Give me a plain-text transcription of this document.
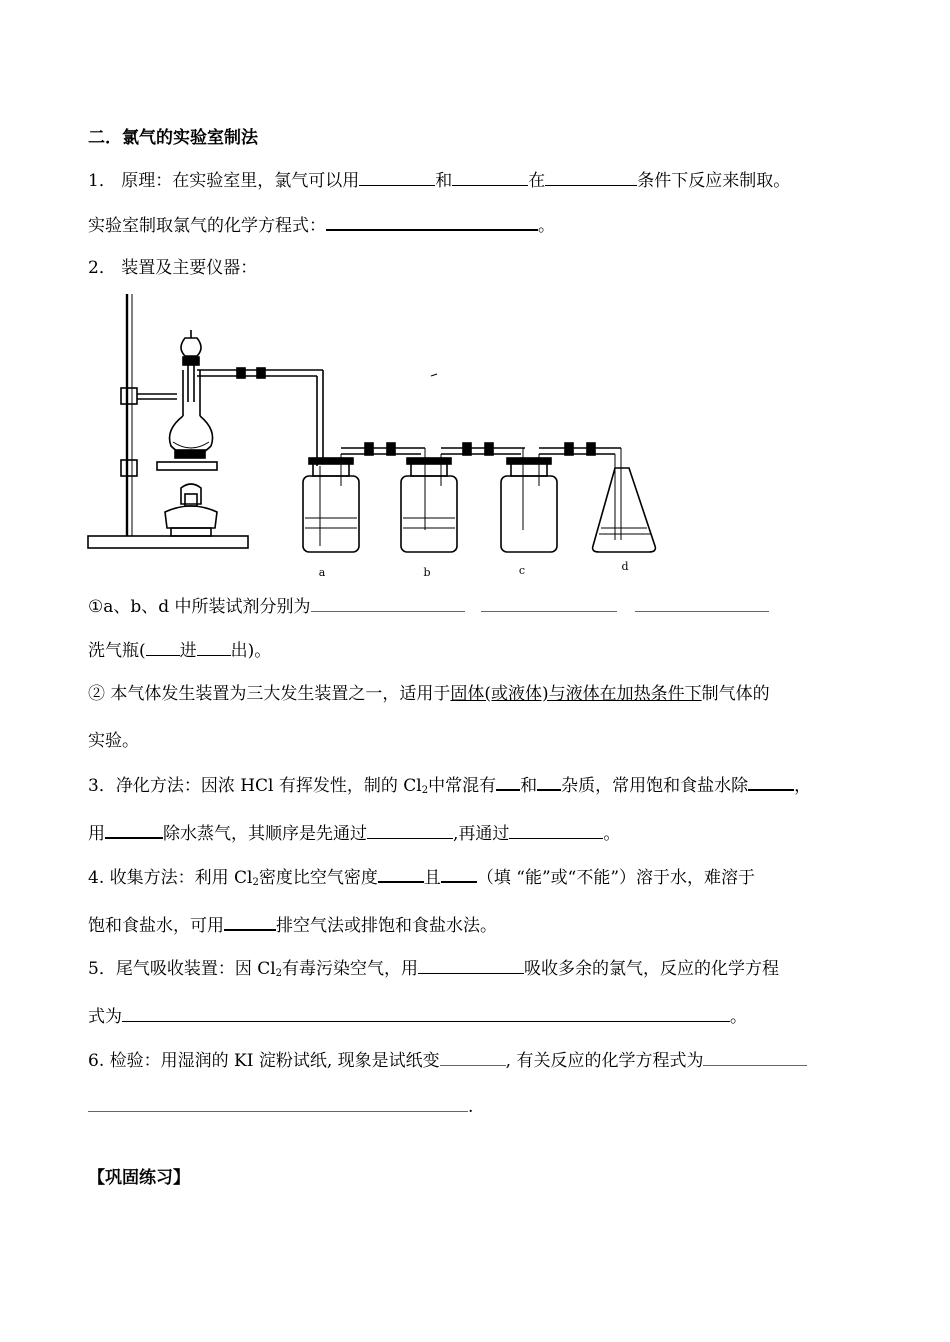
二．氯气的实验室制法
1． 原理：在实验室里，氯气可以用	和	在	条件下反应来制取。
实验室制取氯气的化学方程式：	。
2． 装置及主要仪器：
a	b	c	d
①a、b、d 中所装试剂分别为
洗气瓶( 进 出)。
② 本气体发生装置为三大发生装置之一，适用于固体(或液体)与液体在加热条件下制气体的
实验。
3．净化方法：因浓 HCl 有挥发性，制的 $Cl_2$中常混有 和 杂质，常用饱和食盐水除	，
用	除水蒸气，其顺序是先通过	,再通过	。
4. 收集方法：利用 $Cl_2$密度比空气密度	且 （填 “能”或“不能”）溶于水，难溶于
饱和食盐水，可用	排空气法或排饱和食盐水法。
5．尾气吸收装置：因 $Cl_2$有毒污染空气，用	吸收多余的氯气，反应的化学方程
式为	。
6. 检验：用湿润的 KI 淀粉试纸, 现象是试纸变	, 有关反应的化学方程式为
.
【巩固练习】
